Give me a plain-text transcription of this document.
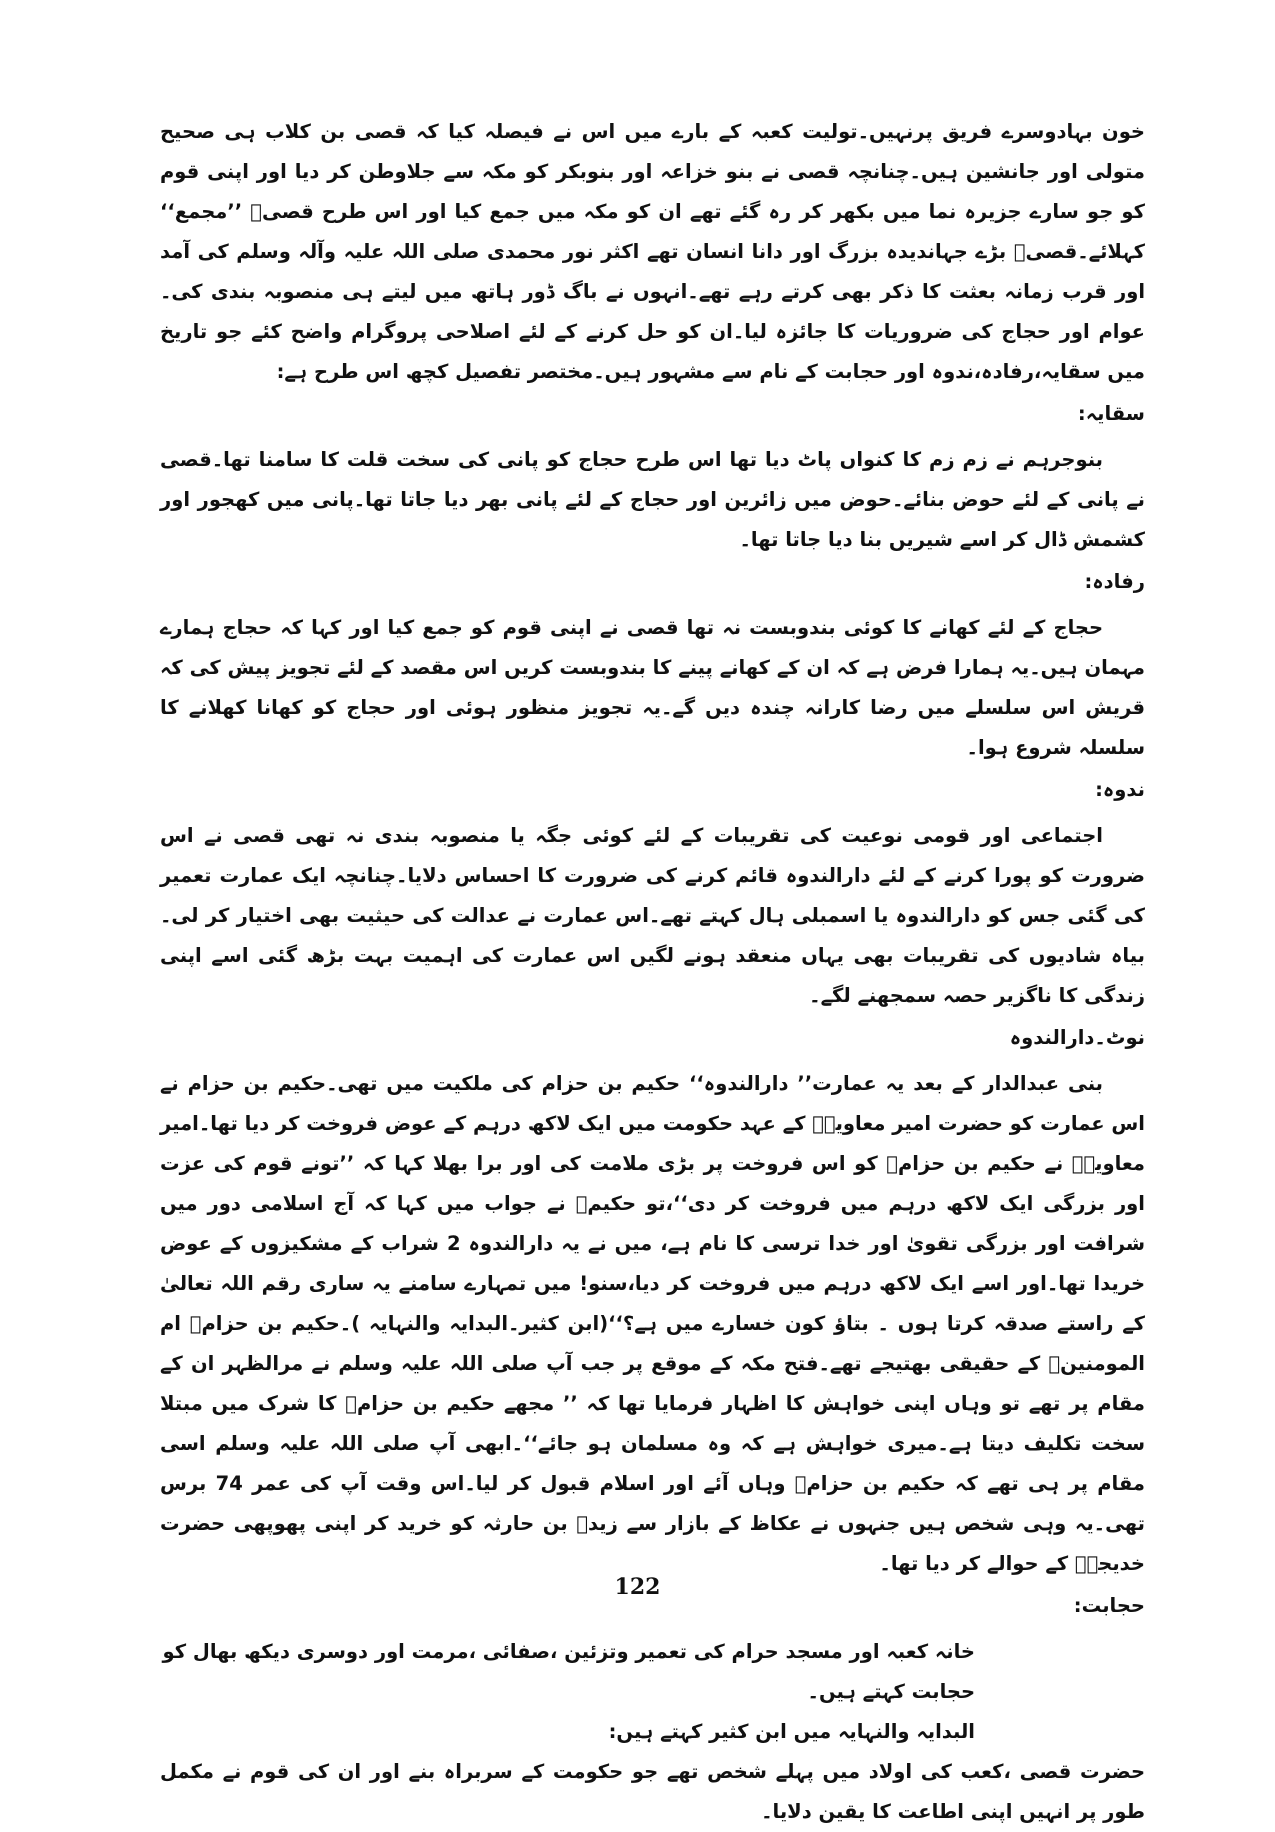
خون بہادوسرے فریق پرنہیں۔تولیت کعبہ کے بارے میں اس نے فیصلہ کیا کہ قصی بن کلاب ہی صحیح متولی اور جانشین ہیں۔چنانچہ قصی نے بنو خزاعہ اور بنوبکر کو مکہ سے جلاوطن کر دیا اور اپنی قوم کو جو سارے جزیرہ نما میں بکھر کر رہ گئے تھے ان کو مکہ میں جمع کیا اور اس طرح قصیؔ ’’مجمع‘‘ کہلائے۔قصیؔ بڑے جہاندیدہ بزرگ اور دانا انسان تھے اکثر نور محمدی صلی اللہ علیہ وآلہ وسلم کی آمد اور قرب زمانہ بعثت کا ذکر بھی کرتے رہے تھے۔انہوں نے باگ ڈور ہاتھ میں لیتے ہی منصوبہ بندی کی۔عوام اور حجاج کی ضروریات کا جائزہ لیا۔ان کو حل کرنے کے لئے اصلاحی پروگرام واضح کئے جو تاریخ میں سقایہ،رفادہ،ندوہ اور حجابت کے نام سے مشہور ہیں۔مختصر تفصیل کچھ اس طرح ہے:

سقایہ:

بنوجرہم نے زم زم کا کنواں پاٹ دیا تھا اس طرح حجاج کو پانی کی سخت قلت کا سامنا تھا۔قصی نے پانی کے لئے حوض بنائے۔حوض میں زائرین اور حجاج کے لئے پانی بھر دیا جاتا تھا۔پانی میں کھجور اور کشمش ڈال کر اسے شیریں بنا دیا جاتا تھا۔

رفادہ:

حجاج کے لئے کھانے کا کوئی بندوبست نہ تھا قصی نے اپنی قوم کو جمع کیا اور کہا کہ حجاج ہمارے مہمان ہیں۔یہ ہمارا فرض ہے کہ ان کے کھانے پینے کا بندوبست کریں اس مقصد کے لئے تجویز پیش کی کہ قریش اس سلسلے میں رضا کارانہ چندہ دیں گے۔یہ تجویز منظور ہوئی اور حجاج کو کھانا کھلانے کا سلسلہ شروع ہوا۔

ندوہ:

اجتماعی اور قومی نوعیت کی تقریبات کے لئے کوئی جگہ یا منصوبہ بندی نہ تھی قصی نے اس ضرورت کو پورا کرنے کے لئے دارالندوہ قائم کرنے کی ضرورت کا احساس دلایا۔چنانچہ ایک عمارت تعمیر کی گئی جس کو دارالندوہ یا اسمبلی ہال کہتے تھے۔اس عمارت نے عدالت کی حیثیت بھی اختیار کر لی۔بیاہ شادیوں کی تقریبات بھی یہاں منعقد ہونے لگیں اس عمارت کی اہمیت بہت بڑھ گئی اسے اپنی زندگی کا ناگزیر حصہ سمجھنے لگے۔

نوٹ۔دارالندوہ

بنی عبدالدار کے بعد یہ عمارت’’ دارالندوہ‘‘ حکیم بن حزام کی ملکیت میں تھی۔حکیم بن حزام نے اس عمارت کو حضرت امیر معاویہؓ کے عہد حکومت میں ایک لاکھ درہم کے عوض فروخت کر دیا تھا۔امیر معاویہؓ نے حکیم بن حزامؓ کو اس فروخت پر بڑی ملامت کی اور برا بھلا کہا کہ ’’تونے قوم کی عزت اور بزرگی ایک لاکھ درہم میں فروخت کر دی‘‘،تو حکیمؓ نے جواب میں کہا کہ آج اسلامی دور میں شرافت اور بزرگی تقویٰ اور خدا ترسی کا نام ہے، میں نے یہ دارالندوہ 2 شراب کے مشکیزوں کے عوض خریدا تھا۔اور اسے ایک لاکھ درہم میں فروخت کر دیا،سنو! میں تمہارے سامنے یہ ساری رقم اللہ تعالیٰ کے راستے صدقہ کرتا ہوں ۔ بتاؤ کون خسارے میں ہے؟‘‘(ابن کثیر۔البدایہ والنہایہ )۔حکیم بن حزامؓ ام المومنینؓ کے حقیقی بھتیجے تھے۔فتح مکہ کے موقع پر جب آپ صلی اللہ علیہ وسلم نے مرالظہر ان کے مقام پر تھے تو وہاں اپنی خواہش کا اظہار فرمایا تھا کہ ’’ مجھے حکیم بن حزامؓ کا شرک میں مبتلا سخت تکلیف دیتا ہے۔میری خواہش ہے کہ وہ مسلمان ہو جائے‘‘۔ابھی آپ صلی اللہ علیہ وسلم اسی مقام پر ہی تھے کہ حکیم بن حزامؓ وہاں آئے اور اسلام قبول کر لیا۔اس وقت آپ کی عمر 74 برس تھی۔یہ وہی شخص ہیں جنہوں نے عکاظ کے بازار سے زیدؓ بن حارثہ کو خرید کر اپنی پھوپھی حضرت خدیجہؓ کے حوالے کر دیا تھا۔

حجابت:

خانہ کعبہ اور مسجد حرام کی تعمیر وتزئین ،صفائی ،مرمت اور دوسری دیکھ بھال کو حجابت کہتے ہیں۔

البدایہ والنہایہ میں ابن کثیر کہتے ہیں:

حضرت قصی ،کعب کی اولاد میں پہلے شخص تھے جو حکومت کے سربراہ بنے اور ان کی قوم نے مکمل طور پر انہیں اپنی اطاعت کا یقین دلایا۔

122
